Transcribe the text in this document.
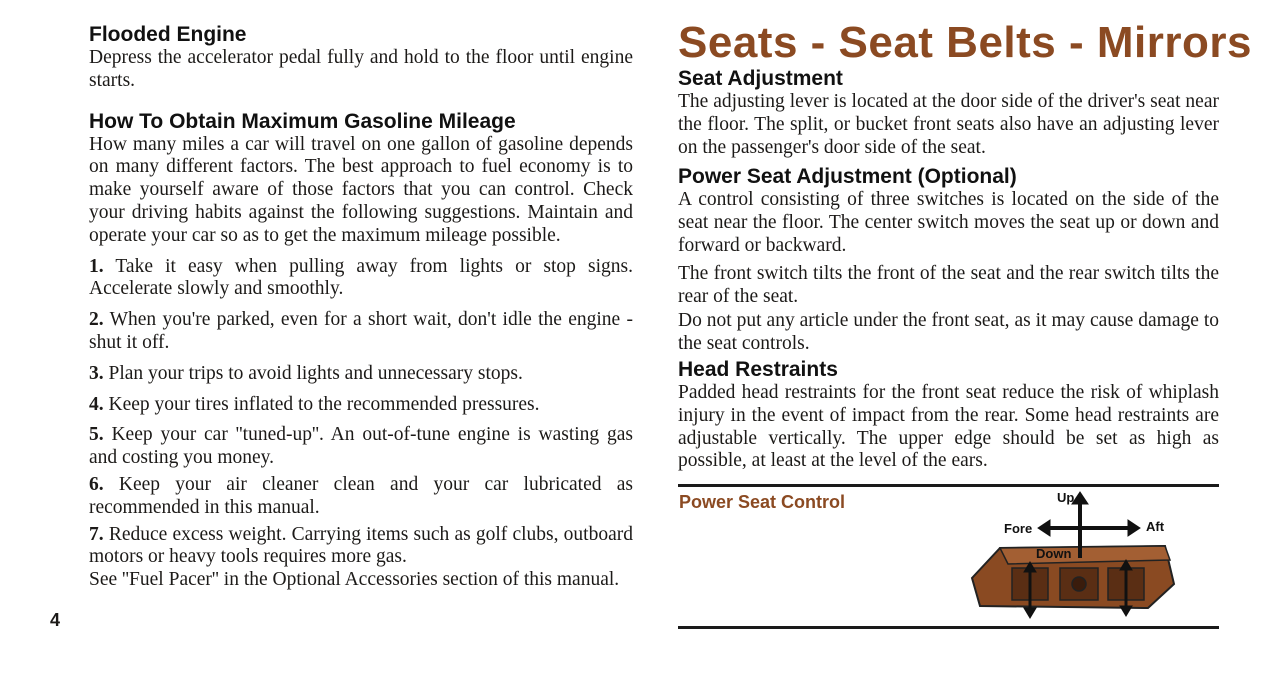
Flooded Engine

Depress the accelerator pedal fully and hold to the floor until engine starts.

How To Obtain Maximum Gasoline Mileage

How many miles a car will travel on one gallon of gasoline depends on many different factors. The best approach to fuel economy is to make yourself aware of those factors that you can control. Check your driving habits against the following suggestions. Maintain and operate your car so as to get the maximum mileage possible.

1. Take it easy when pulling away from lights or stop signs. Accelerate slowly and smoothly.

2. When you're parked, even for a short wait, don't idle the engine - shut it off.

3. Plan your trips to avoid lights and unnecessary stops.

4. Keep your tires inflated to the recommended pressures.

5. Keep your car ''tuned-up''. An out-of-tune engine is wasting gas and costing you money.

6. Keep your air cleaner clean and your car lubricated as recommended in this manual.

7. Reduce excess weight. Carrying items such as golf clubs, outboard motors or heavy tools requires more gas.

See ''Fuel Pacer'' in the Optional Accessories section of this manual.

4
Seats - Seat Belts - Mirrors
Seat Adjustment

The adjusting lever is located at the door side of the driver's seat near the floor. The split, or bucket front seats also have an adjusting lever on the passenger's door side of the seat.

Power Seat Adjustment (Optional)

A control consisting of three switches is located on the side of the seat near the floor. The center switch moves the seat up or down and forward or backward.

The front switch tilts the front of the seat and the rear switch tilts the rear of the seat.

Do not put any article under the front seat, as it may cause damage to the seat controls.

Head Restraints

Padded head restraints for the front seat reduce the risk of whiplash injury in the event of impact from the rear. Some head restraints are adjustable vertically. The upper edge should be set as high as possible, at least at the level of the ears.

Power Seat Control	Up
Fore	Aft
Down
